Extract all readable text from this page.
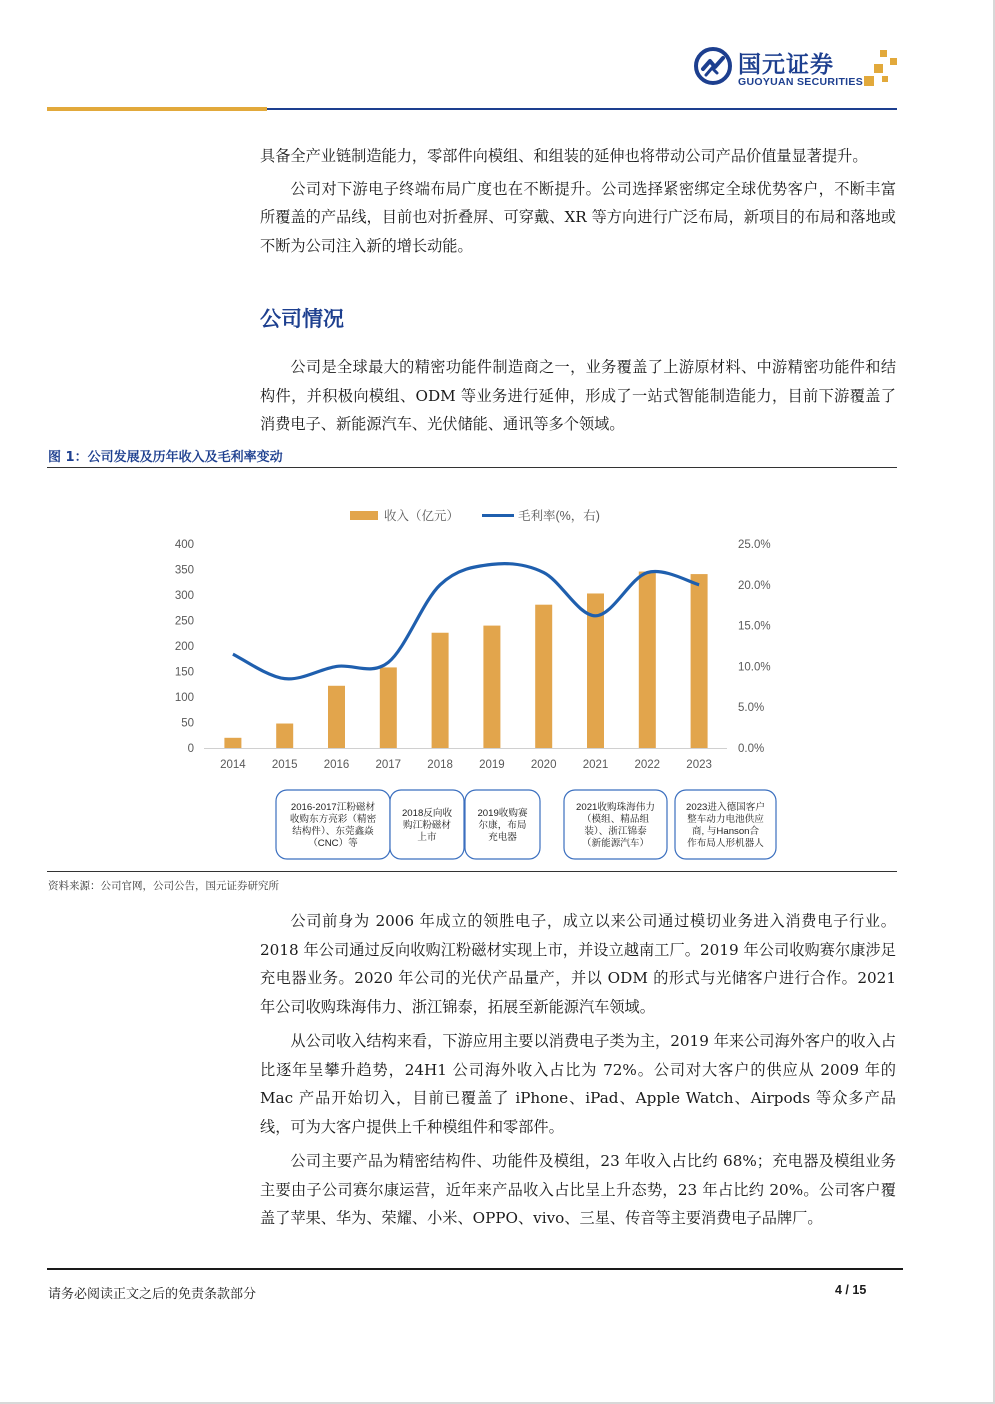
国元证券
GUOYUAN SECURITIES

具备全产业链制造能力，零部件向模组、和组装的延伸也将带动公司产品价值量显著提升。

公司对下游电子终端布局广度也在不断提升。公司选择紧密绑定全球优势客户，不断丰富所覆盖的产品线，目前也对折叠屏、可穿戴、XR 等方向进行广泛布局，新项目的布局和落地或不断为公司注入新的增长动能。

公司情况

公司是全球最大的精密功能件制造商之一，业务覆盖了上游原材料、中游精密功能件和结构件，并积极向模组、ODM 等业务进行延伸，形成了一站式智能制造能力，目前下游覆盖了消费电子、新能源汽车、光伏储能、通讯等多个领域。

图 1：公司发展及历年收入及毛利率变动
收入（亿元）	毛利率(%，右)
0
50
100
150
200
250
300
350
400
0.0%
5.0%
10.0%
15.0%
20.0%
25.0%
2014 2015 2016 2017 2018 2019 2020 2021 2022 2023
2016-2017江粉磁材
收购东方亮彩（精密
结构件）、东莞鑫焱
（CNC）等
2018反向收
购江粉磁材
上市
2019收购赛
尔康，布局
充电器
2021收购珠海伟力
（模组、精品组
装）、浙江锦泰
（新能源汽车）
2023进入德国客户
整车动力电池供应
商, 与Hanson合
作布局人形机器人
资料来源：公司官网，公司公告，国元证券研究所

公司前身为 2006 年成立的领胜电子，成立以来公司通过模切业务进入消费电子行业。2018 年公司通过反向收购江粉磁材实现上市，并设立越南工厂。2019 年公司收购赛尔康涉足充电器业务。2020 年公司的光伏产品量产，并以 ODM 的形式与光储客户进行合作。2021 年公司收购珠海伟力、浙江锦泰，拓展至新能源汽车领域。

从公司收入结构来看，下游应用主要以消费电子类为主，2019 年来公司海外客户的收入占比逐年呈攀升趋势，24H1 公司海外收入占比为 72%。公司对大客户的供应从 2009 年的 Mac 产品开始切入，目前已覆盖了 iPhone、iPad、Apple Watch、Airpods 等众多产品线，可为大客户提供上千种模组件和零部件。

公司主要产品为精密结构件、功能件及模组，23 年收入占比约 68%；充电器及模组业务主要由子公司赛尔康运营，近年来产品收入占比呈上升态势，23 年占比约 20%。公司客户覆盖了苹果、华为、荣耀、小米、OPPO、vivo、三星、传音等主要消费电子品牌厂。

请务必阅读正文之后的免责条款部分	4 / 15
